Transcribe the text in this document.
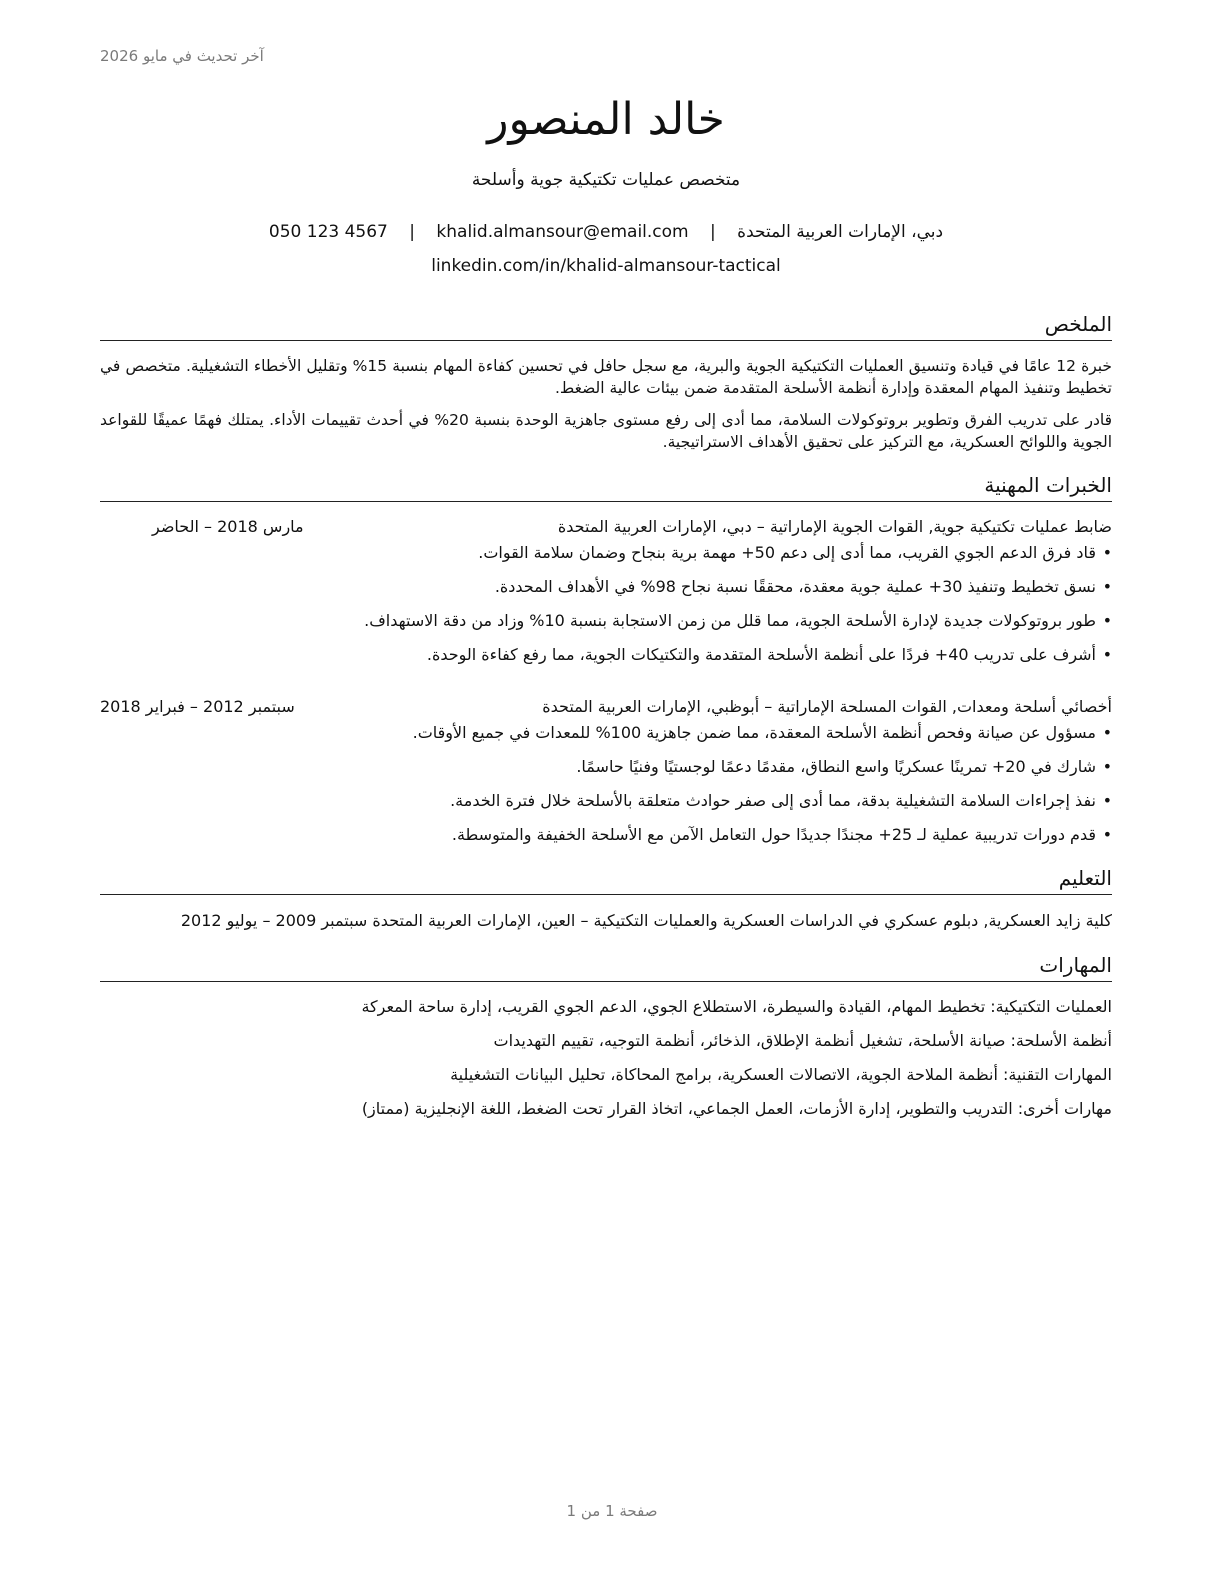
آخر تحديث في مايو 2026
خالد المنصور
متخصص عمليات تكتيكية جوية وأسلحة
دبي، الإمارات العربية المتحدة | khalid.almansour@email.com | 050 123 4567
linkedin.com/in/khalid-almansour-tactical
الملخص

خبرة 12 عامًا في قيادة وتنسيق العمليات التكتيكية الجوية والبرية، مع سجل حافل في تحسين كفاءة المهام بنسبة 15% وتقليل الأخطاء التشغيلية. متخصص في تخطيط وتنفيذ المهام المعقدة وإدارة أنظمة الأسلحة المتقدمة ضمن بيئات عالية الضغط.

قادر على تدريب الفرق وتطوير بروتوكولات السلامة، مما أدى إلى رفع مستوى جاهزية الوحدة بنسبة 20% في أحدث تقييمات الأداء. يمتلك فهمًا عميقًا للقواعد الجوية واللوائح العسكرية، مع التركيز على تحقيق الأهداف الاستراتيجية.

الخبرات المهنية
ضابط عمليات تكتيكية جوية, القوات الجوية الإماراتية – دبي، الإمارات العربية المتحدة
مارس 2018 – الحاضر
•
قاد فرق الدعم الجوي القريب، مما أدى إلى دعم 50+ مهمة برية بنجاح وضمان سلامة القوات.
•
نسق تخطيط وتنفيذ 30+ عملية جوية معقدة، محققًا نسبة نجاح 98% في الأهداف المحددة.
•
طور بروتوكولات جديدة لإدارة الأسلحة الجوية، مما قلل من زمن الاستجابة بنسبة 10% وزاد من دقة الاستهداف.
•
أشرف على تدريب 40+ فردًا على أنظمة الأسلحة المتقدمة والتكتيكات الجوية، مما رفع كفاءة الوحدة.
أخصائي أسلحة ومعدات, القوات المسلحة الإماراتية – أبوظبي، الإمارات العربية المتحدة
سبتمبر 2012 – فبراير 2018
•
مسؤول عن صيانة وفحص أنظمة الأسلحة المعقدة، مما ضمن جاهزية 100% للمعدات في جميع الأوقات.
•
شارك في 20+ تمرينًا عسكريًا واسع النطاق، مقدمًا دعمًا لوجستيًا وفنيًا حاسمًا.
•
نفذ إجراءات السلامة التشغيلية بدقة، مما أدى إلى صفر حوادث متعلقة بالأسلحة خلال فترة الخدمة.
•
قدم دورات تدريبية عملية لـ 25+ مجندًا جديدًا حول التعامل الآمن مع الأسلحة الخفيفة والمتوسطة.
التعليم
كلية زايد العسكرية, دبلوم عسكري في الدراسات العسكرية والعمليات التكتيكية – العين، الإمارات العربية المتحدة سبتمبر 2009 – يوليو 2012
المهارات
العمليات التكتيكية: تخطيط المهام، القيادة والسيطرة، الاستطلاع الجوي، الدعم الجوي القريب، إدارة ساحة المعركة
أنظمة الأسلحة: صيانة الأسلحة، تشغيل أنظمة الإطلاق، الذخائر، أنظمة التوجيه، تقييم التهديدات
المهارات التقنية: أنظمة الملاحة الجوية، الاتصالات العسكرية، برامج المحاكاة، تحليل البيانات التشغيلية
مهارات أخرى: التدريب والتطوير، إدارة الأزمات، العمل الجماعي، اتخاذ القرار تحت الضغط، اللغة الإنجليزية (ممتاز)
صفحة 1 من 1
